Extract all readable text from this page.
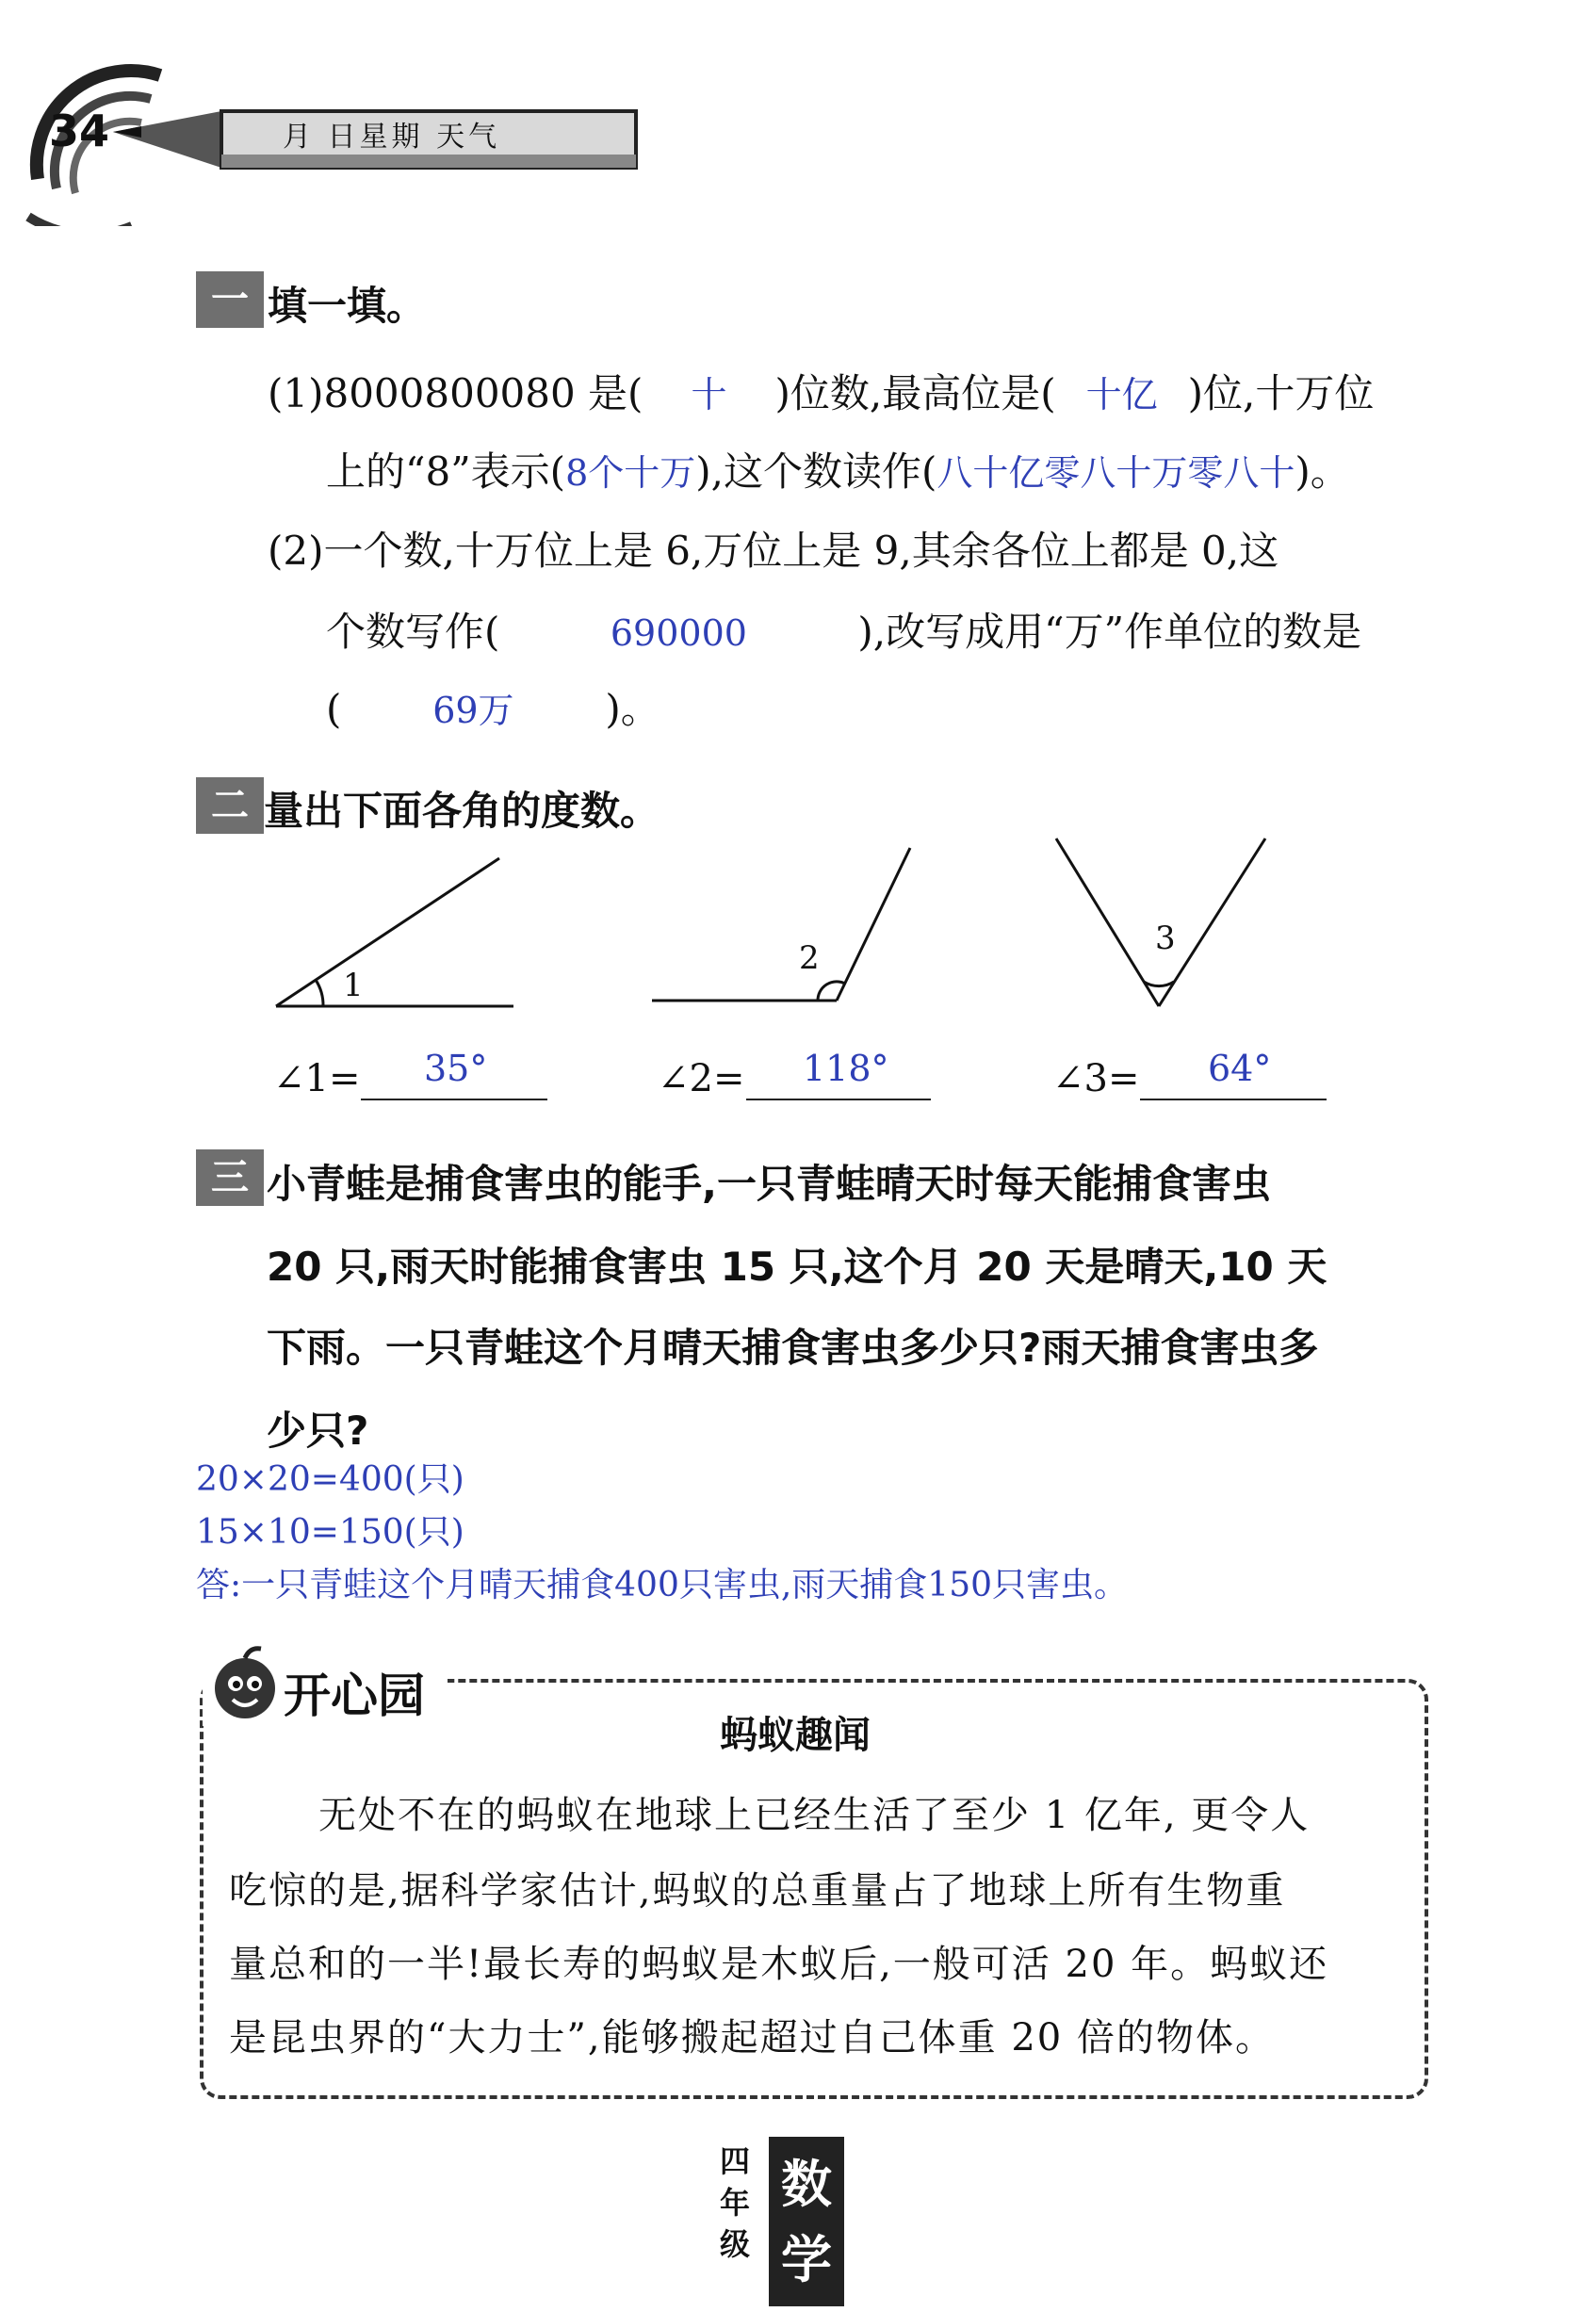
34	月 日星期 天气
一 填一填。
(1)8000800080 是( 十 )位数,最高位是( 十亿 )位,十万位
上的“8”表示(8个十万),这个数读作(八十亿零八十万零八十)。
(2)一个数,十万位上是 6,万位上是 9,其余各位上都是 0,这
个数写作(	690000	),改写成用“万”作单位的数是
(	69万 )。
二 量出下面各角的度数。
1
2
3
∠1= 35°	∠2= 118°	∠3= 64°
三 小青蛙是捕食害虫的能手,一只青蛙晴天时每天能捕食害虫
20 只,雨天时能捕食害虫 15 只,这个月 20 天是晴天,10 天
下雨。一只青蛙这个月晴天捕食害虫多少只?雨天捕食害虫多
少只?
20×20=400(只)
15×10=150(只)
答:一只青蛙这个月晴天捕食400只害虫,雨天捕食150只害虫。
开心园
蚂蚁趣闻
无处不在的蚂蚁在地球上已经生活了至少 1 亿年, 更令人
吃惊的是,据科学家估计,蚂蚁的总重量占了地球上所有生物重
量总和的一半!最长寿的蚂蚁是木蚁后,一般可活 20 年。蚂蚁还
是昆虫界的“大力士”,能够搬起超过自己体重 20 倍的物体。
四
年
级
数
学
